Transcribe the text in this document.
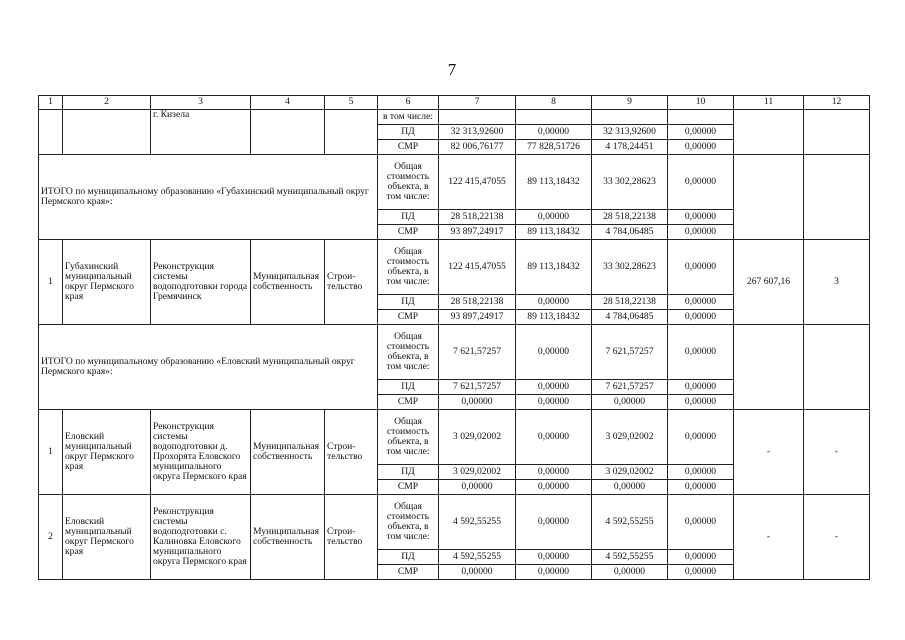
7
1	2	3	4	5	6	7	8	9	10	11	12
		г. Кизела			в том числе:						
					ПД	32 313,92600	0,00000	32 313,92600	0,00000		
					СМР	82 006,76177	77 828,51726	4 178,24451	0,00000		
ИТОГО по муниципальному образованию «Губахинский муниципальный округ Пермского края»:					Общая стоимость объекта, в том числе:	122 415,47055	89 113,18432	33 302,28623	0,00000		
					ПД	28 518,22138	0,00000	28 518,22138	0,00000		
					СМР	93 897,24917	89 113,18432	4 784,06485	0,00000		
1	Губахинский муниципальный округ Пермского края	Реконструкция системы водоподготовки города Гремячинск	Муниципальная собственность	Строи-тельство	Общая стоимость объекта, в том числе:	122 415,47055	89 113,18432	33 302,28623	0,00000	267 607,16	3
					ПД	28 518,22138	0,00000	28 518,22138	0,00000		
					СМР	93 897,24917	89 113,18432	4 784,06485	0,00000		
ИТОГО по муниципальному образованию «Еловский муниципальный округ Пермского края»:					Общая стоимость объекта, в том числе:	7 621,57257	0,00000	7 621,57257	0,00000		
					ПД	7 621,57257	0,00000	7 621,57257	0,00000		
					СМР	0,00000	0,00000	0,00000	0,00000		
1	Еловский муниципальный округ Пермского края	Реконструкция системы водоподготовки д. Прохорята Еловского муниципального округа Пермского края	Муниципальная собственность	Строи-тельство	Общая стоимость объекта, в том числе:	3 029,02002	0,00000	3 029,02002	0,00000	-	-
					ПД	3 029,02002	0,00000	3 029,02002	0,00000		
					СМР	0,00000	0,00000	0,00000	0,00000		
2	Еловский муниципальный округ Пермского края	Реконструкция системы водоподготовки с. Калиновка Еловского муниципального округа Пермского края	Муниципальная собственность	Строи-тельство	Общая стоимость объекта, в том числе:	4 592,55255	0,00000	4 592,55255	0,00000	-	-
					ПД	4 592,55255	0,00000	4 592,55255	0,00000		
					СМР	0,00000	0,00000	0,00000	0,00000		
